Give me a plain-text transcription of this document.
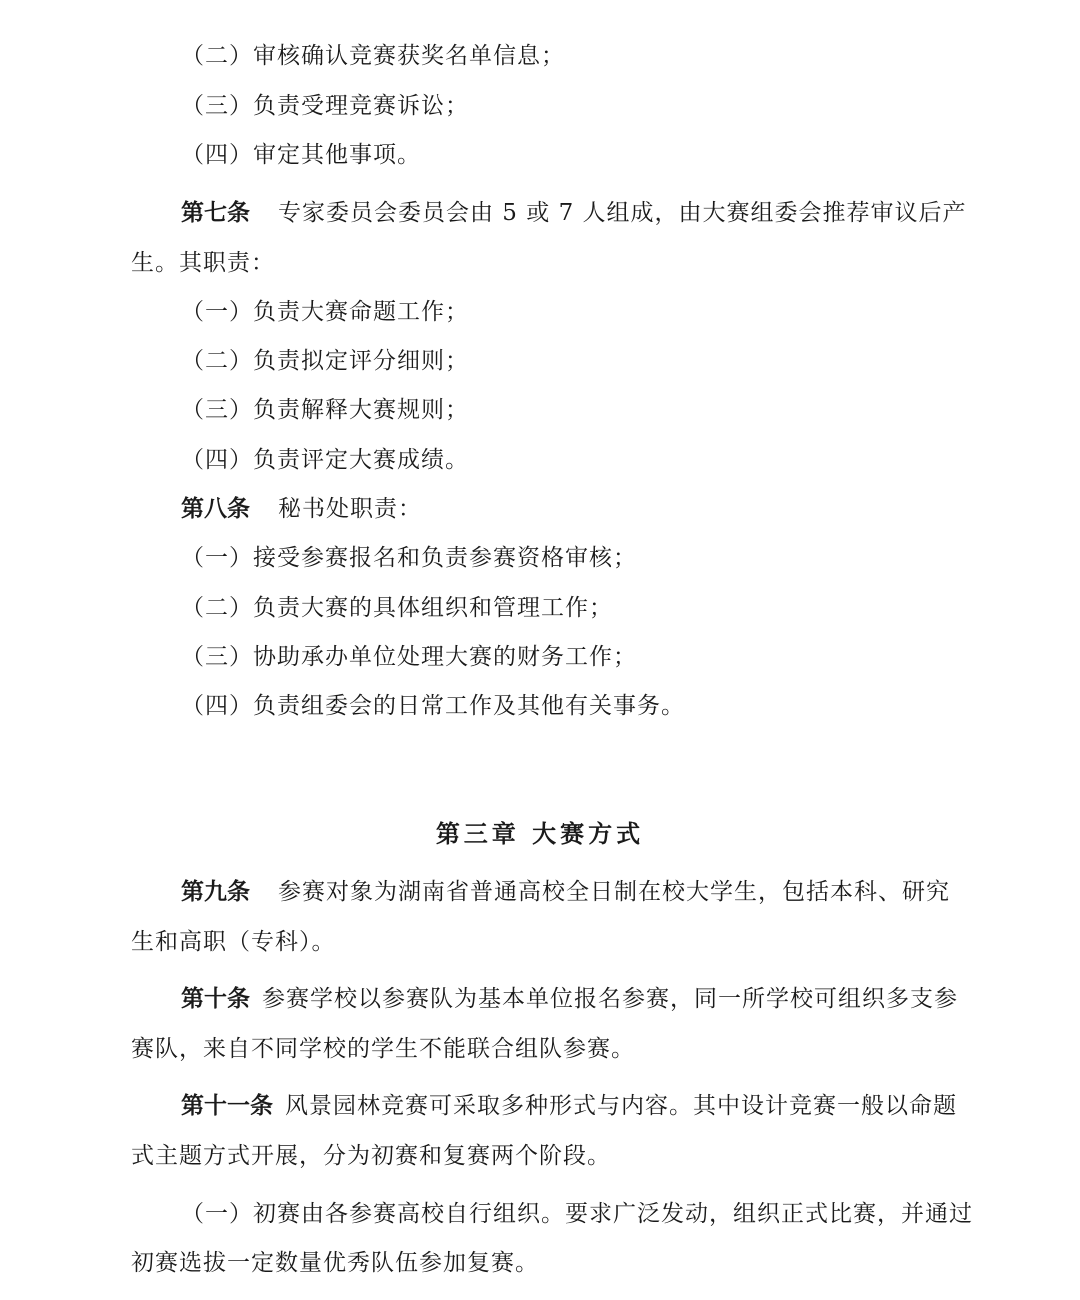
（二）审核确认竞赛获奖名单信息；
（三）负责受理竞赛诉讼；
（四）审定其他事项。
第七条 专家委员会委员会由 5 或 7 人组成，由大赛组委会推荐审议后产
生。其职责：
（一）负责大赛命题工作；
（二）负责拟定评分细则；
（三）负责解释大赛规则；
（四）负责评定大赛成绩。
第八条 秘书处职责：
（一）接受参赛报名和负责参赛资格审核；
（二）负责大赛的具体组织和管理工作；
（三）协助承办单位处理大赛的财务工作；
（四）负责组委会的日常工作及其他有关事务。
第三章 大赛方式
第九条 参赛对象为湖南省普通高校全日制在校大学生，包括本科、研究
生和高职（专科）。
第十条 参赛学校以参赛队为基本单位报名参赛，同一所学校可组织多支参
赛队，来自不同学校的学生不能联合组队参赛。
第十一条 风景园林竞赛可采取多种形式与内容。其中设计竞赛一般以命题
式主题方式开展，分为初赛和复赛两个阶段。
（一）初赛由各参赛高校自行组织。要求广泛发动，组织正式比赛，并通过
初赛选拔一定数量优秀队伍参加复赛。
